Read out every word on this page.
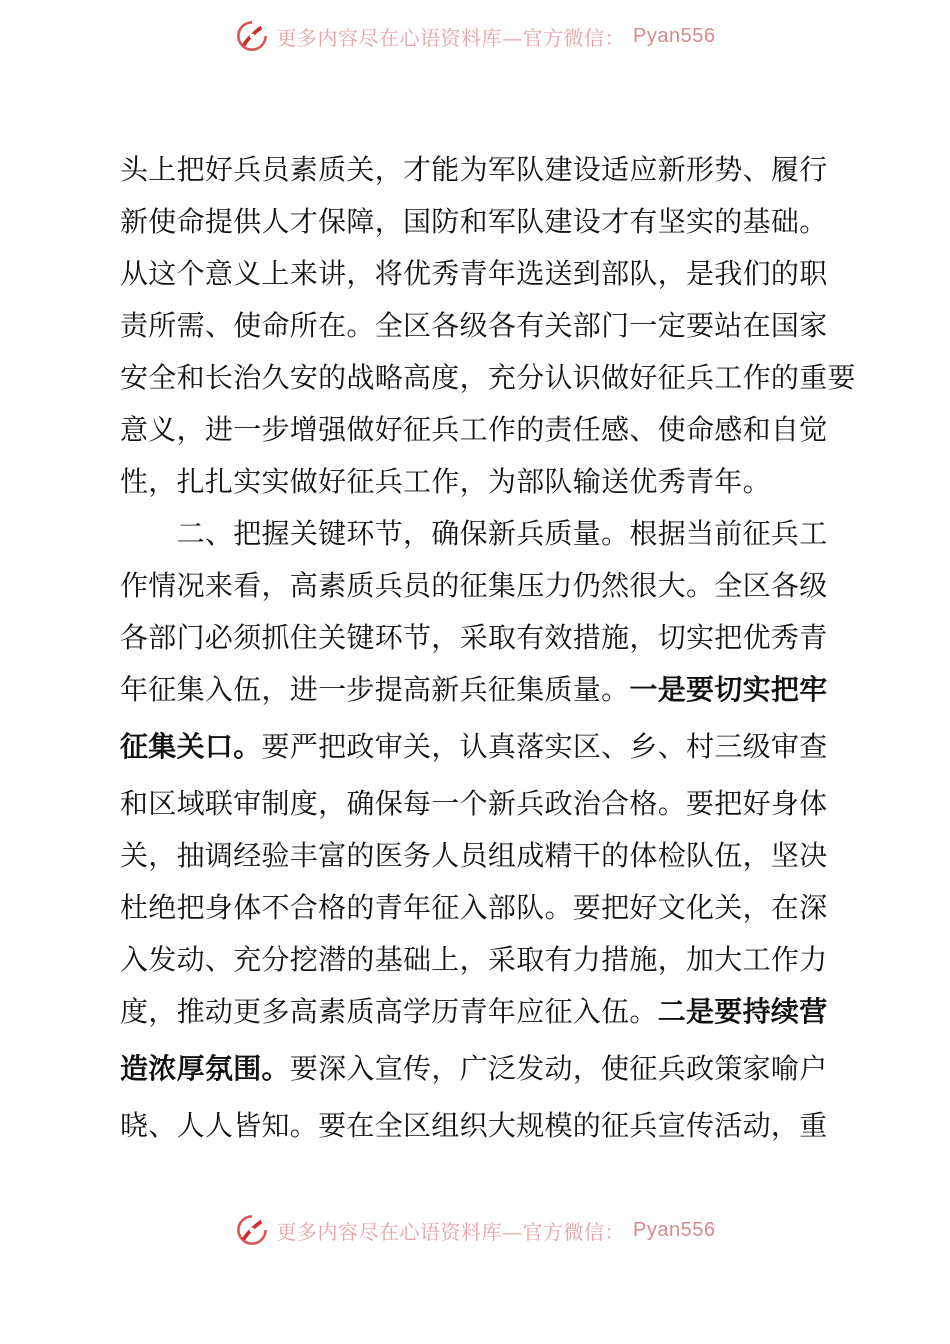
更多内容尽在心语资料库—官方微信： Pyan556
头上把好兵员素质关，才能为军队建设适应新形势、履行
新使命提供人才保障，国防和军队建设才有坚实的基础。
从这个意义上来讲，将优秀青年选送到部队，是我们的职
责所需、使命所在。全区各级各有关部门一定要站在国家
安全和长治久安的战略高度，充分认识做好征兵工作的重要
意义，进一步增强做好征兵工作的责任感、使命感和自觉
性，扎扎实实做好征兵工作，为部队输送优秀青年。
　　二、把握关键环节，确保新兵质量。根据当前征兵工
作情况来看，高素质兵员的征集压力仍然很大。全区各级
各部门必须抓住关键环节，采取有效措施，切实把优秀青
年征集入伍，进一步提高新兵征集质量。一是要切实把牢
征集关口。要严把政审关，认真落实区、乡、村三级审查
和区域联审制度，确保每一个新兵政治合格。要把好身体
关，抽调经验丰富的医务人员组成精干的体检队伍，坚决
杜绝把身体不合格的青年征入部队。要把好文化关，在深
入发动、充分挖潜的基础上，采取有力措施，加大工作力
度，推动更多高素质高学历青年应征入伍。二是要持续营
造浓厚氛围。要深入宣传，广泛发动，使征兵政策家喻户
晓、人人皆知。要在全区组织大规模的征兵宣传活动，重
更多内容尽在心语资料库—官方微信： Pyan556
